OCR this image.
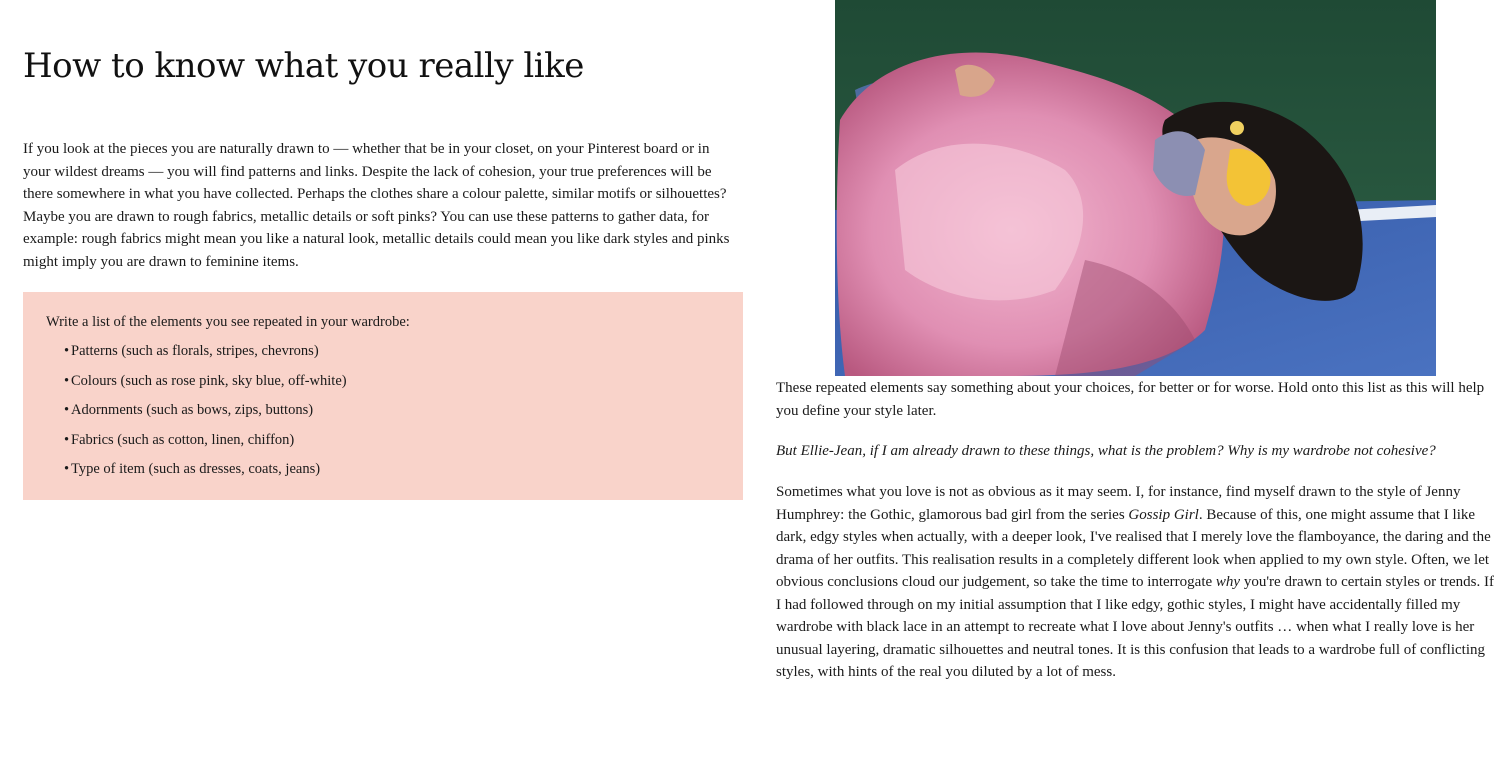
How to know what you really like

If you look at the pieces you are naturally drawn to — whether that be in your closet, on your Pinterest board or in your wildest dreams — you will find patterns and links. Despite the lack of cohesion, your true preferences will be there somewhere in what you have collected. Perhaps the clothes share a colour palette, similar motifs or silhouettes? Maybe you are drawn to rough fabrics, metallic details or soft pinks? You can use these patterns to gather data, for example: rough fabrics might mean you like a natural look, metallic details could mean you like dark styles and pinks might imply you are drawn to feminine items.

Write a list of the elements you see repeated in your wardrobe:

• Patterns (such as florals, stripes, chevrons)
• Colours (such as rose pink, sky blue, off-white)
• Adornments (such as bows, zips, buttons)
• Fabrics (such as cotton, linen, chiffon)
• Type of item (such as dresses, coats, jeans)

These repeated elements say something about your choices, for better or for worse. Hold onto this list as this will help you define your style later.

But Ellie-Jean, if I am already drawn to these things, what is the problem? Why is my wardrobe not cohesive?

Sometimes what you love is not as obvious as it may seem. I, for instance, find myself drawn to the style of Jenny Humphrey: the Gothic, glamorous bad girl from the series Gossip Girl. Because of this, one might assume that I like dark, edgy styles when actually, with a deeper look, I've realised that I merely love the flamboyance, the daring and the drama of her outfits. This realisation results in a completely different look when applied to my own style. Often, we let obvious conclusions cloud our judgement, so take the time to interrogate why you're drawn to certain styles or trends. If I had followed through on my initial assumption that I like edgy, gothic styles, I might have accidentally filled my wardrobe with black lace in an attempt to recreate what I love about Jenny's outfits … when what I really love is her unusual layering, dramatic silhouettes and neutral tones. It is this confusion that leads to a wardrobe full of conflicting styles, with hints of the real you diluted by a lot of mess.
